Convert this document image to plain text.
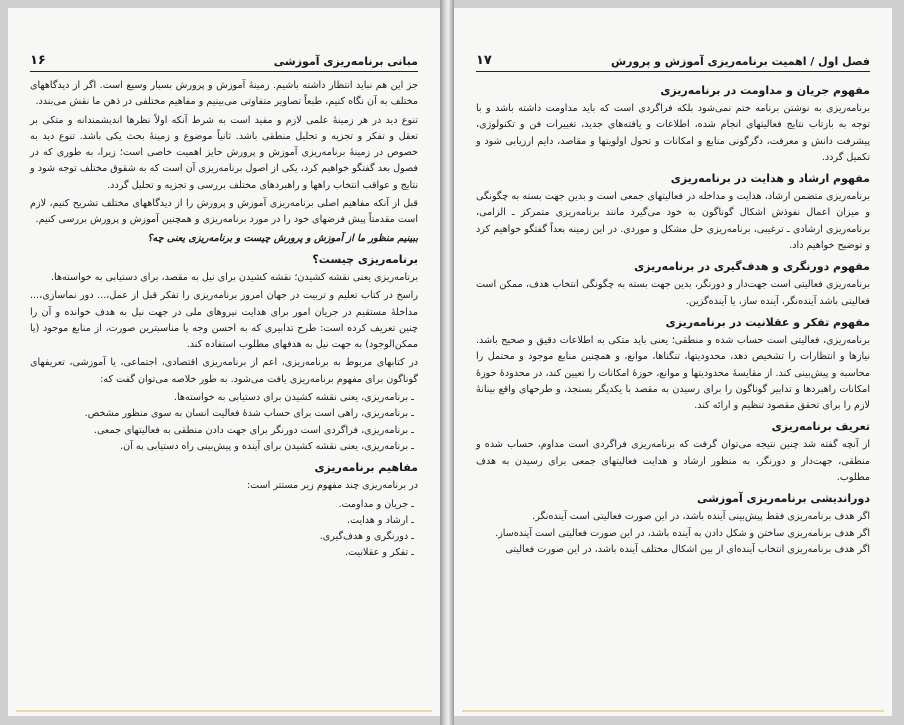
مبانی برنامه‌ریزی آموزشی
۱۶

جز این هم نباید انتظار داشته باشیم. زمینهٔ آموزش و پرورش بسیار وسیع است. اگر از دیدگاههای مختلف به آن نگاه کنیم، طبعاً تصاویر متفاوتی می‌بینیم و مفاهیم مختلفی در ذهن ما نقش می‌بندد.

تنوع دید در هر زمینهٔ علمی لازم و مفید است به شرط آنکه اولاً نظرها اندیشمندانه و متکی بر تعقل و تفکر و تجزیه و تحلیل منطقی باشد. ثانیاً موضوع و زمینهٔ بحث یکی باشد. تنوع دید به خصوص در زمینهٔ برنامه‌ریزی آموزش و پرورش حایز اهمیت خاصی است؛ زیرا، به طوری که در فصول بعد گفتگو خواهیم کرد، یکی از اصول برنامه‌ریزی آن است که به شقوق مختلف توجه شود و نتایج و عواقب انتخاب راهها و راهبردهای مختلف بررسی و تجزیه و تحلیل گردد.

قبل از آنکه مفاهیم اصلی برنامه‌ریزی آموزش و پرورش را از دیدگاههای مختلف تشریح کنیم، لازم است مقدمتاً پیش فرضهای خود را در مورد برنامه‌ریزی و همچنین آموزش و پرورش بررسی کنیم.

ببینیم منظور ما از آموزش و پرورش چیست و برنامه‌ریزی یعنی چه؟

برنامه‌ریزی چیست؟

برنامه‌ریزی یعنی نقشه کشیدن؛ نقشه کشیدن برای نیل به مقصد، برای دستیابی به خواسته‌ها.

راسخ در کتاب تعلیم و تربیت در جهان امروز برنامه‌ریزی را تفکر قبل از عمل،... دور نماسازی،... مداخلهٔ مستقیم در جریان امور برای هدایت نیروهای ملی در جهت نیل به هدف خوانده و آن را چنین تعریف کرده است: طرح تدابیری که به احسن وجه یا مناسبترین صورت، از منابع موجود (یا ممکن‌الوجود) به جهت نیل به هدفهای مطلوب استفاده کند.

در کتابهای مربوط به برنامه‌ریزی، اعم از برنامه‌ریزی اقتصادی، اجتماعی، یا آموزشی، تعریفهای گوناگون برای مفهوم برنامه‌ریزی یافت می‌شود. به طور خلاصه می‌توان گفت که:

ـ برنامه‌ریزی، یعنی نقشه کشیدن برای دستیابی به خواسته‌ها.
ـ برنامه‌ریزی، راهی است برای حساب شدهٔ فعالیت انسان به سوی منظور مشخص.
ـ برنامه‌ریزی، فراگردی است دورنگر برای جهت دادن منطقی به فعالیتهای جمعی.
ـ برنامه‌ریزی، یعنی نقشه کشیدن برای آینده و پیش‌بینی راه دستیابی به آن.
مفاهیم برنامه‌ریزی

در برنامه‌ریزی چند مفهوم زیر مستتر است:

ـ جریان و مداومت.
ـ ارشاد و هدایت.
ـ دورنگری و هدف‌گیری.
ـ تفکر و عقلانیت.
فصل اول / اهمیت برنامه‌ریزی آموزش و پرورش
۱۷
مفهوم جریان و مداومت در برنامه‌ریزی

برنامه‌ریزی به نوشتن برنامه ختم نمی‌شود بلکه فراگردی است که باید مداومت داشته باشد و با توجه به بازتاب نتایج فعالیتهای انجام شده، اطلاعات و یافته‌های جدید، تغییرات فن و تکنولوژی، پیشرفت دانش و معرفت، دگرگونی منابع و امکانات و تحول اولویتها و مقاصد، دایم ارزیابی شود و تکمیل گردد.

مفهوم ارشاد و هدایت در برنامه‌ریزی

برنامه‌ریزی متضمن ارشاد، هدایت و مداخله در فعالیتهای جمعی است و بدین جهت بسته به چگونگی و میزان اعمال نفوذش اشکال گوناگون به خود می‌گیرد مانند برنامه‌ریزی متمرکز ـ الزامی، برنامه‌ریزی ارشادی ـ ترغیبی، برنامه‌ریزی حل مشکل و موردی. در این زمینه بعداً گفتگو خواهیم کرد و توضیح خواهیم داد.

مفهوم دورنگری و هدف‌گیری در برنامه‌ریزی

برنامه‌ریزی فعالیتی است جهت‌دار و دورنگر، بدین جهت بسته به چگونگی انتخاب هدف، ممکن است فعالیتی باشد آینده‌نگر، آینده ساز، یا آینده‌گزین.

مفهوم تفکر و عقلانیت در برنامه‌ریزی

برنامه‌ریزی، فعالیتی است حساب شده و منطقی؛ یعنی باید متکی به اطلاعات دقیق و صحیح باشد. نیازها و انتظارات را تشخیص دهد، محدودیتها، تنگناها، موانع، و همچنین منابع موجود و محتمل را محاسبه و پیش‌بینی کند. از مقایسهٔ محدودیتها و موانع، حوزهٔ امکانات را تعیین کند، در محدودهٔ حوزهٔ امکانات راهبردها و تدابیر گوناگون را برای رسیدن به مقصد با یکدیگر بسنجد، و طرحهای واقع بینانهٔ لازم را برای تحقق مقصود تنظیم و ارائه کند.

تعریف برنامه‌ریزی

از آنچه گفته شد چنین نتیجه می‌توان گرفت که برنامه‌ریزی فراگردی است مداوم، حساب شده و منطقی، جهت‌دار و دورنگر، به منظور ارشاد و هدایت فعالیتهای جمعی برای رسیدن به هدف مطلوب.

دوراندیشی برنامه‌ریزی آموزشی

اگر هدف برنامه‌ریزی فقط پیش‌بینی آینده باشد، در این صورت فعالیتی است آینده‌نگر.
اگر هدف برنامه‌ریزی ساختن و شکل دادن به آینده باشد، در این صورت فعالیتی است آینده‌ساز.
اگر هدف برنامه‌ریزی انتخاب آینده‌ای از بین اشکال مختلف آینده باشد، در این صورت فعالیتی
